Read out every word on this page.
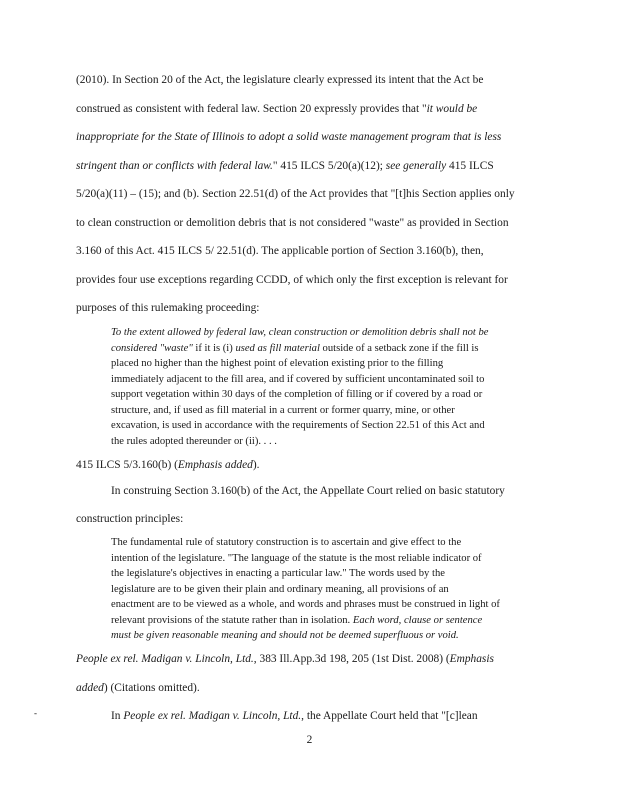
(2010). In Section 20 of the Act, the legislature clearly expressed its intent that the Act be
construed as consistent with federal law. Section 20 expressly provides that "it would be
inappropriate for the State of Illinois to adopt a solid waste management program that is less
stringent than or conflicts with federal law." 415 ILCS 5/20(a)(12); see generally 415 ILCS
5/20(a)(11) – (15); and (b). Section 22.51(d) of the Act provides that "[t]his Section applies only
to clean construction or demolition debris that is not considered "waste" as provided in Section
3.160 of this Act. 415 ILCS 5/ 22.51(d). The applicable portion of Section 3.160(b), then,
provides four use exceptions regarding CCDD, of which only the first exception is relevant for
purposes of this rulemaking proceeding:
To the extent allowed by federal law, clean construction or demolition debris shall not be
considered "waste" if it is (i) used as fill material outside of a setback zone if the fill is
placed no higher than the highest point of elevation existing prior to the filling
immediately adjacent to the fill area, and if covered by sufficient uncontaminated soil to
support vegetation within 30 days of the completion of filling or if covered by a road or
structure, and, if used as fill material in a current or former quarry, mine, or other
excavation, is used in accordance with the requirements of Section 22.51 of this Act and
the rules adopted thereunder or (ii). . . .
415 ILCS 5/3.160(b) (Emphasis added).
In construing Section 3.160(b) of the Act, the Appellate Court relied on basic statutory
construction principles:
The fundamental rule of statutory construction is to ascertain and give effect to the
intention of the legislature. "The language of the statute is the most reliable indicator of
the legislature's objectives in enacting a particular law." The words used by the
legislature are to be given their plain and ordinary meaning, all provisions of an
enactment are to be viewed as a whole, and words and phrases must be construed in light of
relevant provisions of the statute rather than in isolation. Each word, clause or sentence
must be given reasonable meaning and should not be deemed superfluous or void.
People ex rel. Madigan v. Lincoln, Ltd., 383 Ill.App.3d 198, 205 (1st Dist. 2008) (Emphasis
added) (Citations omitted).
In People ex rel. Madigan v. Lincoln, Ltd., the Appellate Court held that "[c]lean
-
2
